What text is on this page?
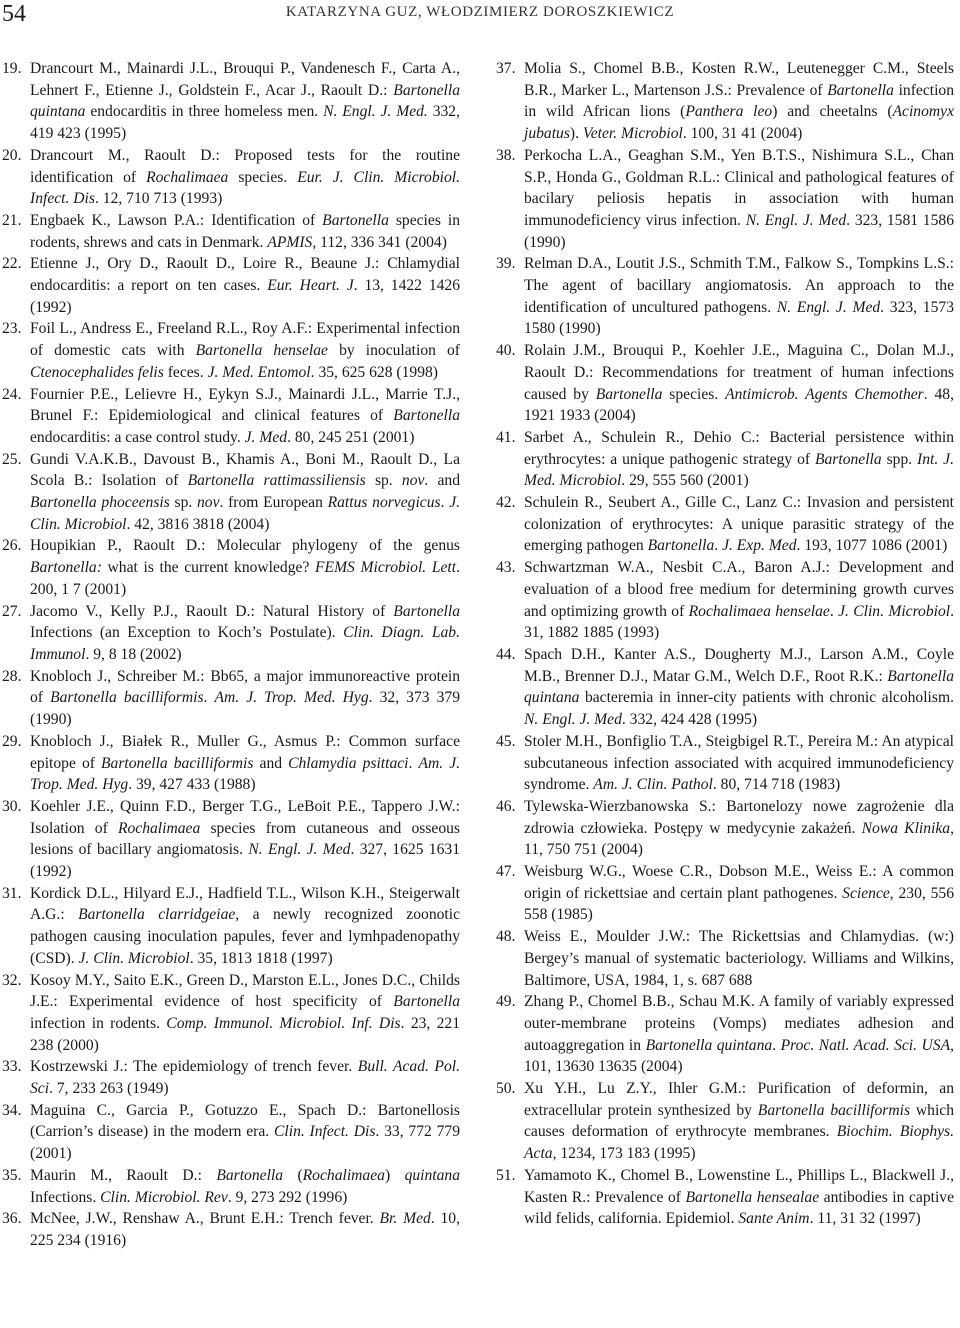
54	KATARZYNA GUZ, WŁODZIMIERZ DOROSZKIEWICZ
19. Drancourt M., Mainardi J.L., Brouqui P., Vandenesch F., Carta A., Lehnert F., Etienne J., Goldstein F., Acar J., Raoult D.: Bartonella quintana endocarditis in three homeless men. N. Engl. J. Med. 332, 419 423 (1995)
20. Drancourt M., Raoult D.: Proposed tests for the routine identification of Rochalimaea species. Eur. J. Clin. Microbiol. Infect. Dis. 12, 710 713 (1993)
21. Engbaek K., Lawson P.A.: Identification of Bartonella species in rodents, shrews and cats in Denmark. APMIS, 112, 336 341 (2004)
22. Etienne J., Ory D., Raoult D., Loire R., Beaune J.: Chlamydial endocarditis: a report on ten cases. Eur. Heart. J. 13, 1422 1426 (1992)
23. Foil L., Andress E., Freeland R.L., Roy A.F.: Experimental infection of domestic cats with Bartonella henselae by inoculation of Ctenocephalides felis feces. J. Med. Entomol. 35, 625 628 (1998)
24. Fournier P.E., Lelievre H., Eykyn S.J., Mainardi J.L., Marrie T.J., Brunel F.: Epidemiological and clinical features of Bartonella endocarditis: a case control study. J. Med. 80, 245 251 (2001)
25. Gundi V.A.K.B., Davoust B., Khamis A., Boni M., Raoult D., La Scola B.: Isolation of Bartonella rattimassiliensis sp. nov. and Bartonella phoceensis sp. nov. from European Rattus norvegicus. J. Clin. Microbiol. 42, 3816 3818 (2004)
26. Houpikian P., Raoult D.: Molecular phylogeny of the genus Bartonella: what is the current knowledge? FEMS Microbiol. Lett. 200, 1 7 (2001)
27. Jacomo V., Kelly P.J., Raoult D.: Natural History of Bartonella Infections (an Exception to Koch’s Postulate). Clin. Diagn. Lab. Immunol. 9, 8 18 (2002)
28. Knobloch J., Schreiber M.: Bb65, a major immunoreactive protein of Bartonella bacilliformis. Am. J. Trop. Med. Hyg. 32, 373 379 (1990)
29. Knobloch J., Białek R., Muller G., Asmus P.: Common surface epitope of Bartonella bacilliformis and Chlamydia psittaci. Am. J. Trop. Med. Hyg. 39, 427 433 (1988)
30. Koehler J.E., Quinn F.D., Berger T.G., LeBoit P.E., Tappero J.W.: Isolation of Rochalimaea species from cutaneous and osseous lesions of bacillary angiomatosis. N. Engl. J. Med. 327, 1625 1631 (1992)
31. Kordick D.L., Hilyard E.J., Hadfield T.L., Wilson K.H., Steigerwalt A.G.: Bartonella clarridgeiae, a newly recognized zoonotic pathogen causing inoculation papules, fever and lymhpadenopathy (CSD). J. Clin. Microbiol. 35, 1813 1818 (1997)
32. Kosoy M.Y., Saito E.K., Green D., Marston E.L., Jones D.C., Childs J.E.: Experimental evidence of host specificity of Bartonella infection in rodents. Comp. Immunol. Microbiol. Inf. Dis. 23, 221 238 (2000)
33. Kostrzewski J.: The epidemiology of trench fever. Bull. Acad. Pol. Sci. 7, 233 263 (1949)
34. Maguina C., Garcia P., Gotuzzo E., Spach D.: Bartonellosis (Carrion’s disease) in the modern era. Clin. Infect. Dis. 33, 772 779 (2001)
35. Maurin M., Raoult D.: Bartonella (Rochalimaea) quintana Infections. Clin. Microbiol. Rev. 9, 273 292 (1996)
36. McNee, J.W., Renshaw A., Brunt E.H.: Trench fever. Br. Med. 10, 225 234 (1916)
37. Molia S., Chomel B.B., Kosten R.W., Leutenegger C.M., Steels B.R., Marker L., Martenson J.S.: Prevalence of Bartonella infection in wild African lions (Panthera leo) and cheetalns (Acinomyx jubatus). Veter. Microbiol. 100, 31 41 (2004)
38. Perkocha L.A., Geaghan S.M., Yen B.T.S., Nishimura S.L., Chan S.P., Honda G., Goldman R.L.: Clinical and pathological features of bacilary peliosis hepatis in association with human immunodeficiency virus infection. N. Engl. J. Med. 323, 1581 1586 (1990)
39. Relman D.A., Loutit J.S., Schmith T.M., Falkow S., Tompkins L.S.: The agent of bacillary angiomatosis. An approach to the identification of uncultured pathogens. N. Engl. J. Med. 323, 1573 1580 (1990)
40. Rolain J.M., Brouqui P., Koehler J.E., Maguina C., Dolan M.J., Raoult D.: Recommendations for treatment of human infections caused by Bartonella species. Antimicrob. Agents Chemother. 48, 1921 1933 (2004)
41. Sarbet A., Schulein R., Dehio C.: Bacterial persistence within erythrocytes: a unique pathogenic strategy of Bartonella spp. Int. J. Med. Microbiol. 29, 555 560 (2001)
42. Schulein R., Seubert A., Gille C., Lanz C.: Invasion and persistent colonization of erythrocytes: A unique parasitic strategy of the emerging pathogen Bartonella. J. Exp. Med. 193, 1077 1086 (2001)
43. Schwartzman W.A., Nesbit C.A., Baron A.J.: Development and evaluation of a blood free medium for determining growth curves and optimizing growth of Rochalimaea henselae. J. Clin. Microbiol. 31, 1882 1885 (1993)
44. Spach D.H., Kanter A.S., Dougherty M.J., Larson A.M., Coyle M.B., Brenner D.J., Matar G.M., Welch D.F., Root R.K.: Bartonella quintana bacteremia in inner-city patients with chronic alcoholism. N. Engl. J. Med. 332, 424 428 (1995)
45. Stoler M.H., Bonfiglio T.A., Steigbigel R.T., Pereira M.: An atypical subcutaneous infection associated with acquired immunodeficiency syndrome. Am. J. Clin. Pathol. 80, 714 718 (1983)
46. Tylewska-Wierzbanowska S.: Bartonelozy nowe zagrożenie dla zdrowia człowieka. Postępy w medycynie zakażeń. Nowa Klinika, 11, 750 751 (2004)
47. Weisburg W.G., Woese C.R., Dobson M.E., Weiss E.: A common origin of rickettsiae and certain plant pathogenes. Science, 230, 556 558 (1985)
48. Weiss E., Moulder J.W.: The Rickettsias and Chlamydias. (w:) Bergey’s manual of systematic bacteriology. Williams and Wilkins, Baltimore, USA, 1984, 1, s. 687 688
49. Zhang P., Chomel B.B., Schau M.K. A family of variably expressed outer-membrane proteins (Vomps) mediates adhesion and autoaggregation in Bartonella quintana. Proc. Natl. Acad. Sci. USA, 101, 13630 13635 (2004)
50. Xu Y.H., Lu Z.Y., Ihler G.M.: Purification of deformin, an extracellular protein synthesized by Bartonella bacilliformis which causes deformation of erythrocyte membranes. Biochim. Biophys. Acta, 1234, 173 183 (1995)
51. Yamamoto K., Chomel B., Lowenstine L., Phillips L., Blackwell J., Kasten R.: Prevalence of Bartonella hensealae antibodies in captive wild felids, california. Epidemiol. Sante Anim. 11, 31 32 (1997)
